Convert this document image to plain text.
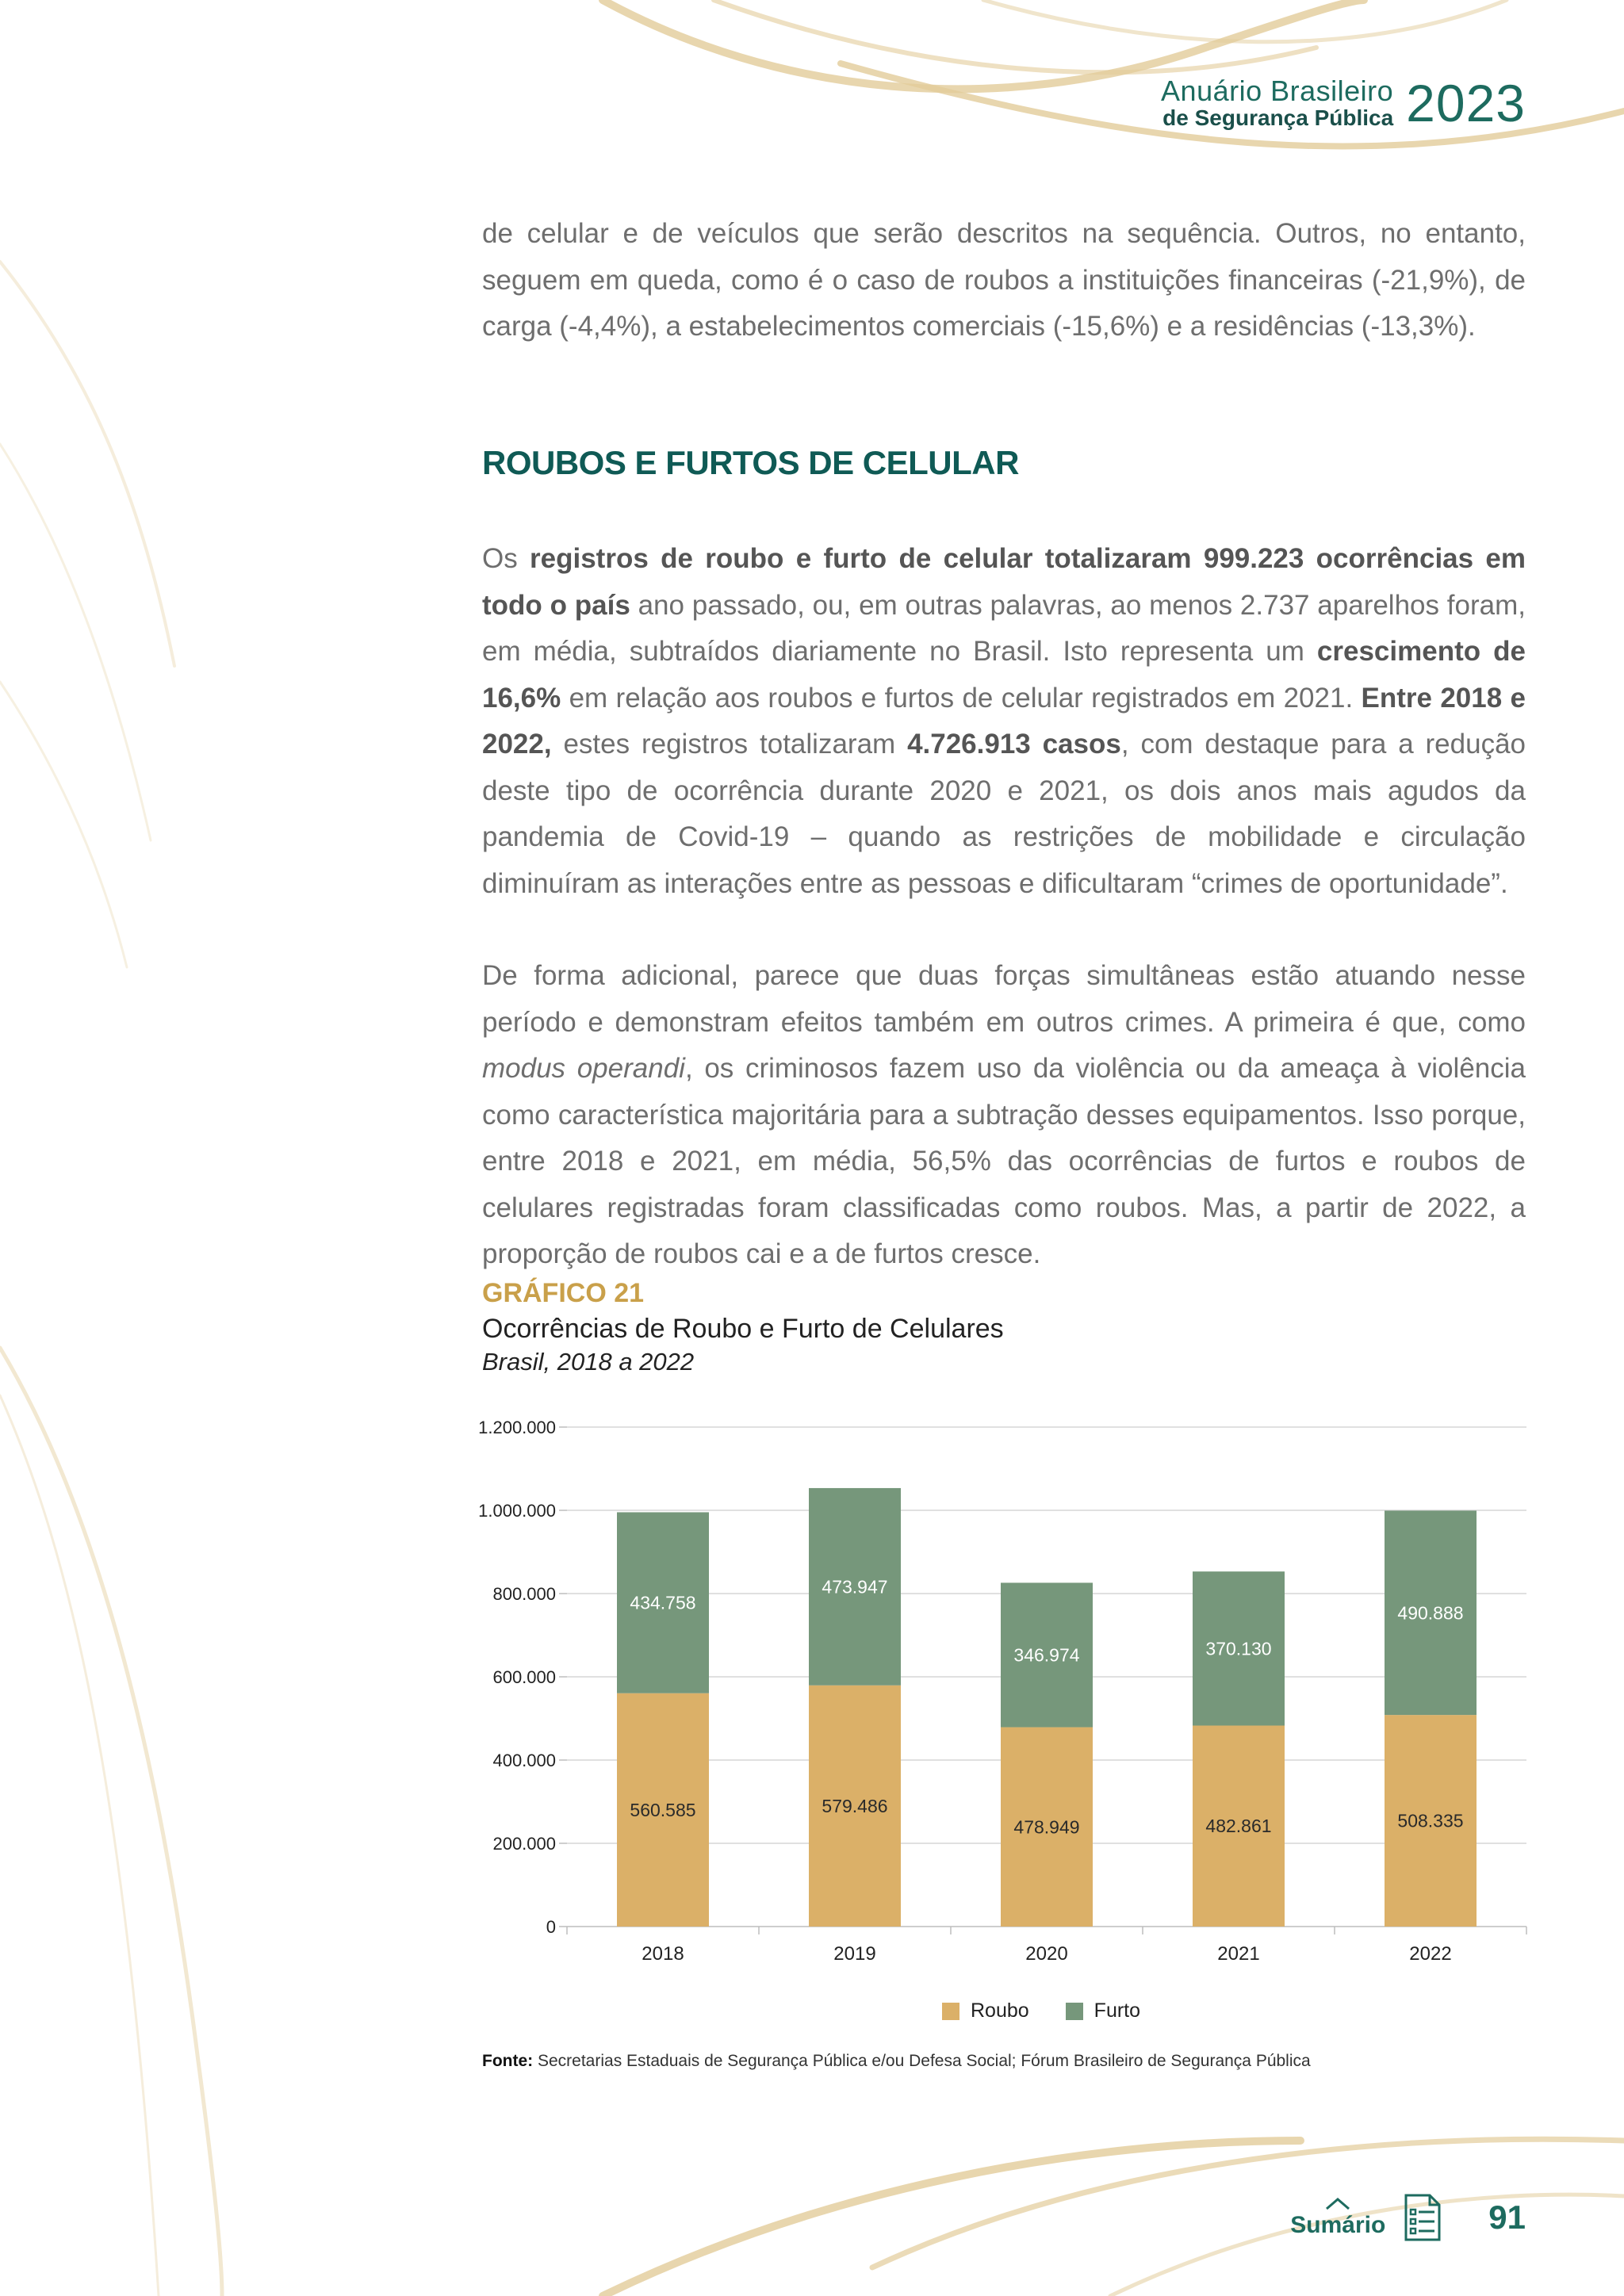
Anuário Brasileiro
de Segurança Pública 2023

de celular e de veículos que serão descritos na sequência. Outros, no entanto, seguem em queda, como é o caso de roubos a instituições financeiras (-21,9%), de carga (-4,4%), a estabelecimentos comerciais (-15,6%) e a residências (-13,3%).

ROUBOS E FURTOS DE CELULAR

Os registros de roubo e furto de celular totalizaram 999.223 ocorrências em todo o país ano passado, ou, em outras palavras, ao menos 2.737 aparelhos foram, em média, subtraídos diariamente no Brasil. Isto representa um crescimento de 16,6% em relação aos roubos e furtos de celular registrados em 2021. Entre 2018 e 2022, estes registros totalizaram 4.726.913 casos, com destaque para a redução deste tipo de ocorrência durante 2020 e 2021, os dois anos mais agudos da pandemia de Covid-19 – quando as restrições de mobilidade e circulação diminuíram as interações entre as pessoas e dificultaram “crimes de oportunidade”.

De forma adicional, parece que duas forças simultâneas estão atuando nesse período e demonstram efeitos também em outros crimes. A primeira é que, como modus operandi, os criminosos fazem uso da violência ou da ameaça à violência como característica majoritária para a subtração desses equipamentos. Isso porque, entre 2018 e 2021, em média, 56,5% das ocorrências de furtos e roubos de celulares registradas foram classificadas como roubos. Mas, a partir de 2022, a proporção de roubos cai e a de furtos cresce.

GRÁFICO 21
Ocorrências de Roubo e Furto de Celulares
Brasil, 2018 a 2022
0
200.000
400.000
600.000
800.000
1.000.000
1.200.000
560.585
434.758
2018
579.486
473.947
2019
478.949
346.974
2020
482.861
370.130
2021
508.335
490.888
2022
Roubo	Furto
Fonte: Secretarias Estaduais de Segurança Pública e/ou Defesa Social; Fórum Brasileiro de Segurança Pública
Sumário	91
